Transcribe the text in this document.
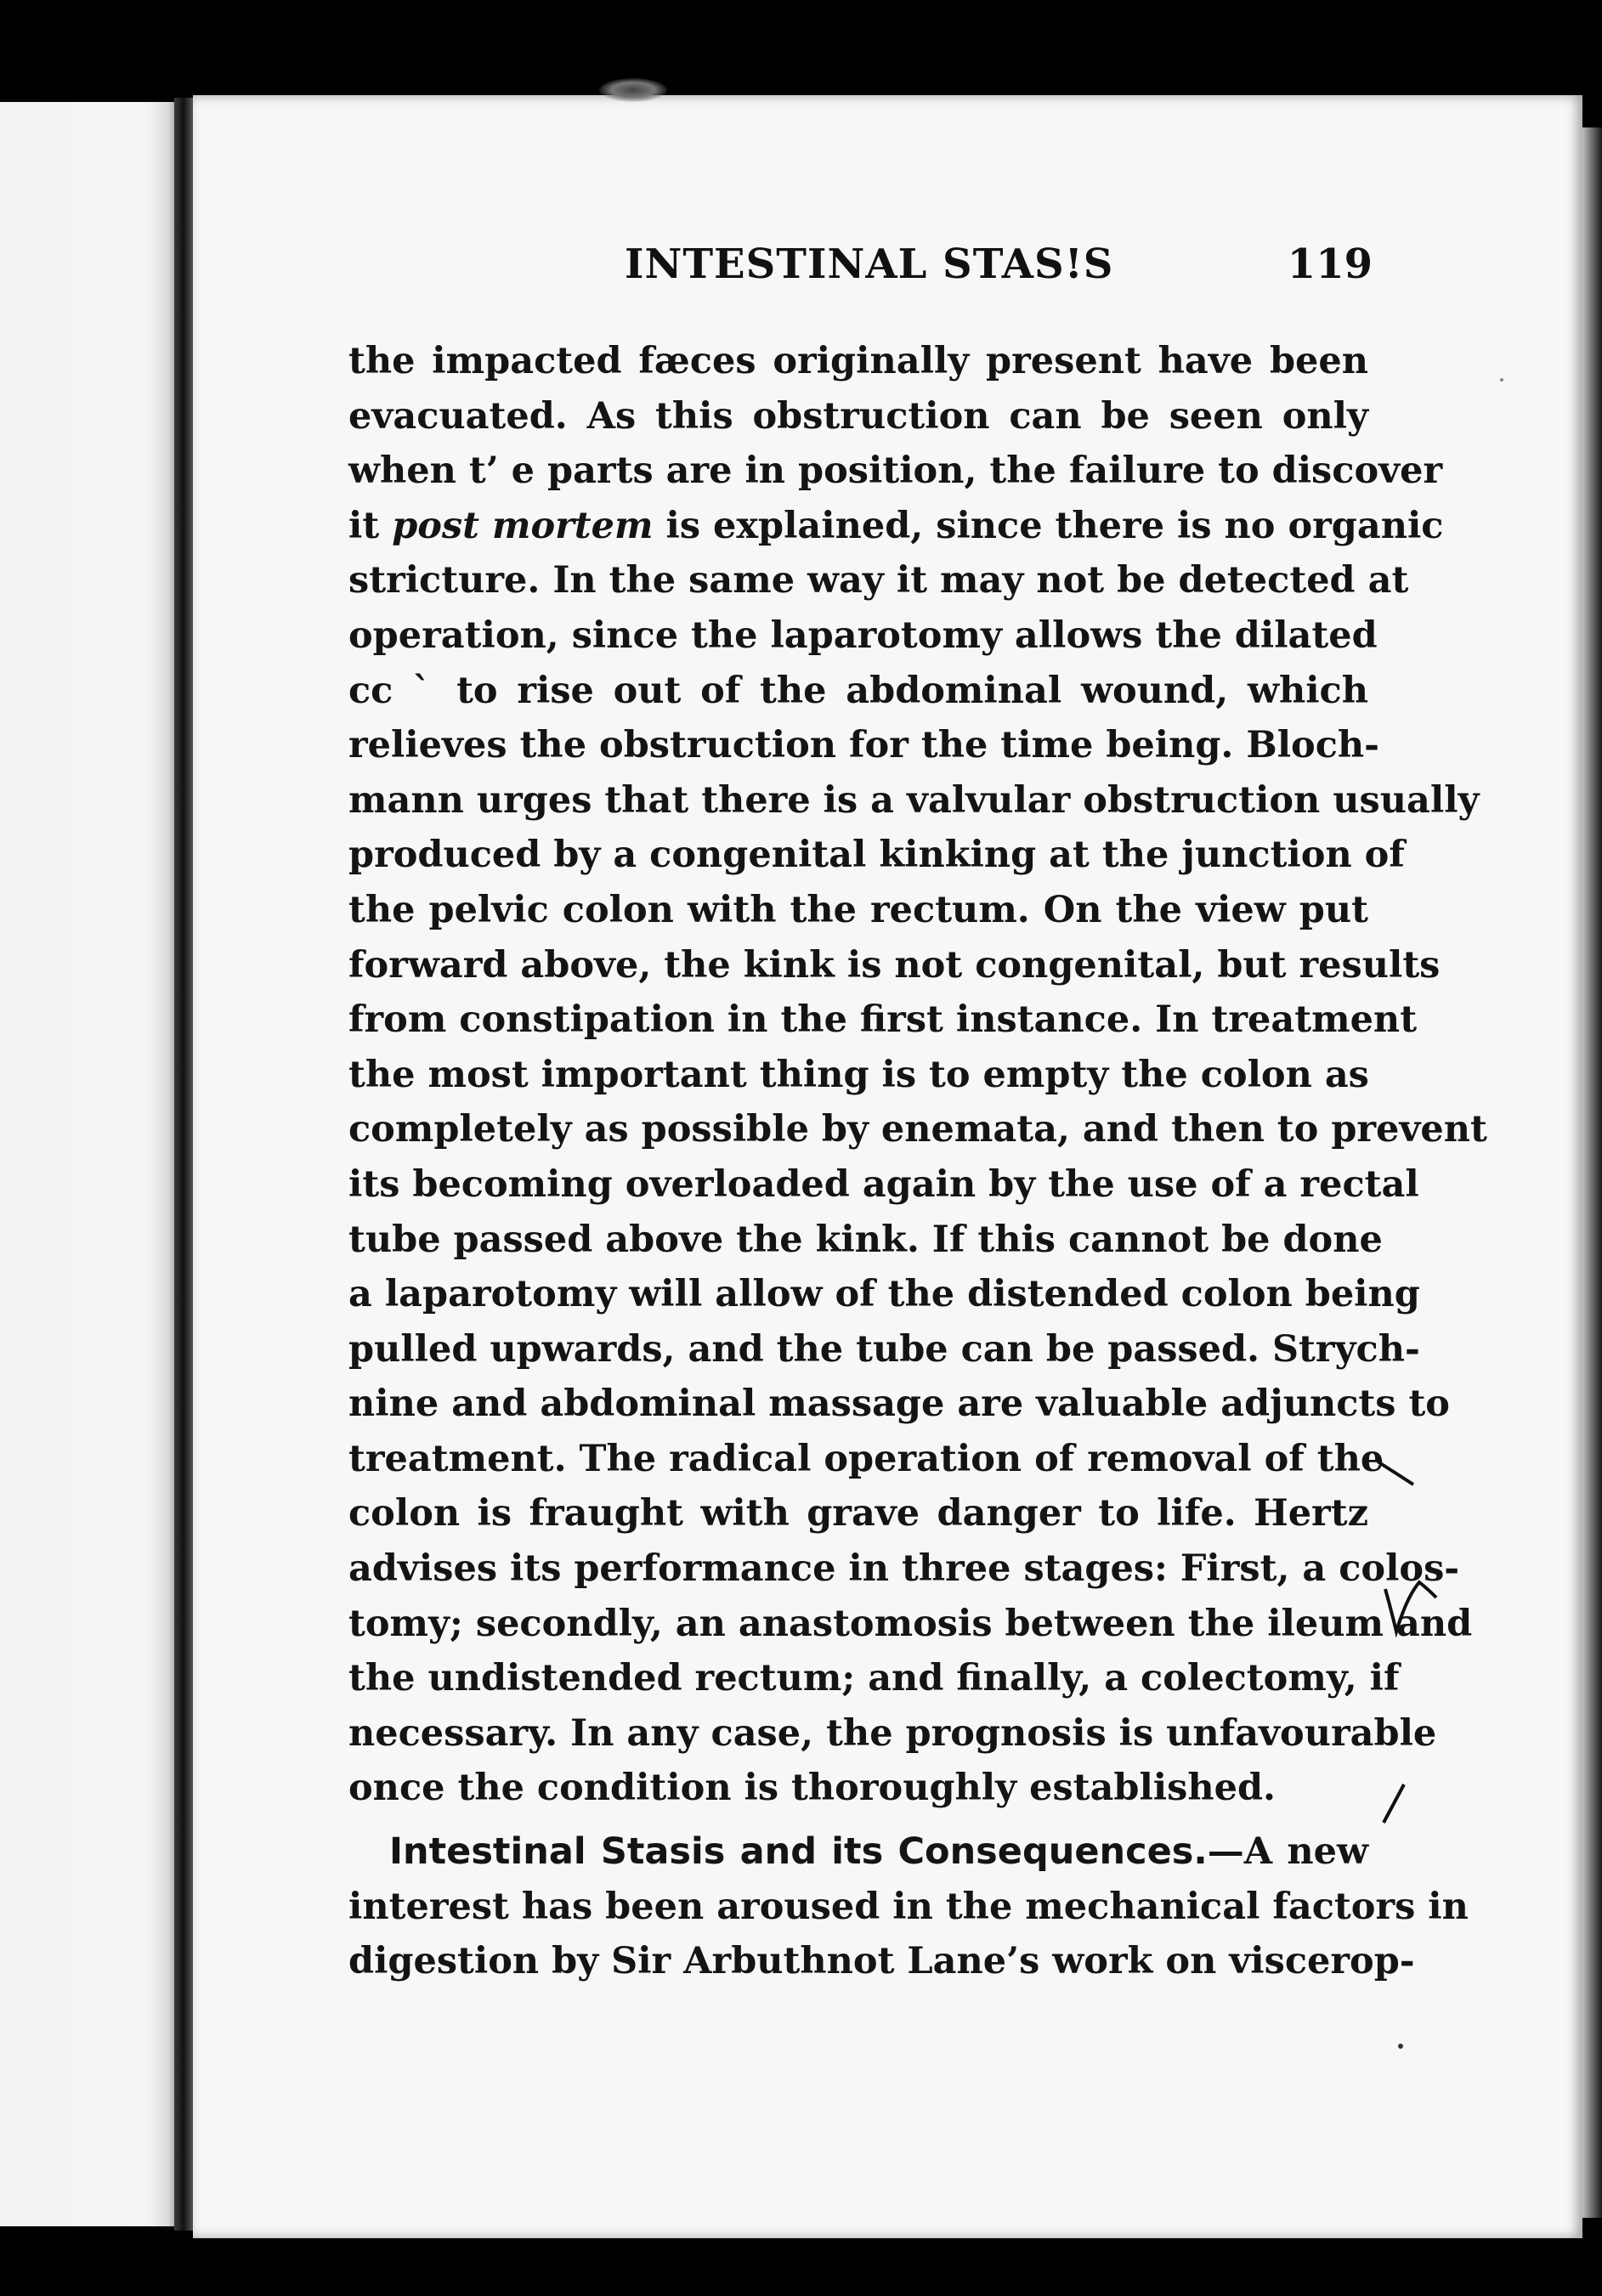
INTESTINAL STAS!S	119
the impacted fæces originally present have been
evacuated. As this obstruction can be seen only
when t’ e parts are in position, the failure to discover
it post mortem is explained, since there is no organic
stricture. In the same way it may not be detected at
operation, since the laparotomy allows the dilated
cc ˋ to rise out of the abdominal wound, which
relieves the obstruction for the time being. Bloch-
mann urges that there is a valvular obstruction usually
produced by a congenital kinking at the junction of
the pelvic colon with the rectum. On the view put
forward above, the kink is not congenital, but results
from constipation in the first instance. In treatment
the most important thing is to empty the colon as
completely as possible by enemata, and then to prevent
its becoming overloaded again by the use of a rectal
tube passed above the kink. If this cannot be done
a laparotomy will allow of the distended colon being
pulled upwards, and the tube can be passed. Strych-
nine and abdominal massage are valuable adjuncts to
treatment. The radical operation of removal of the
colon is fraught with grave danger to life. Hertz
advises its performance in three stages: First, a colos-
tomy; secondly, an anastomosis between the ileum and
the undistended rectum; and finally, a colectomy, if
necessary. In any case, the prognosis is unfavourable
once the condition is thoroughly established.
Intestinal Stasis and its Consequences.—A new
interest has been aroused in the mechanical factors in
digestion by Sir Arbuthnot Lane’s work on viscerop-
